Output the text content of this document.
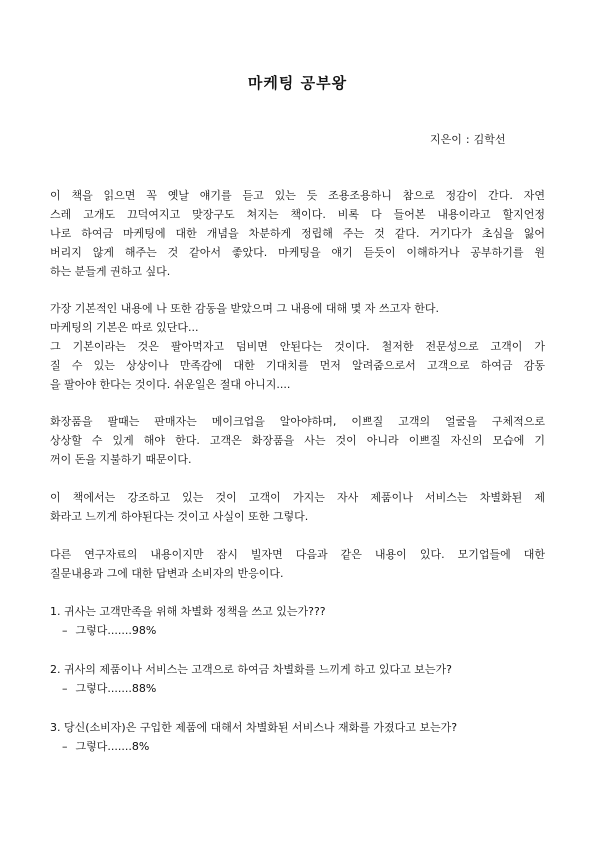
마케팅 공부왕
지은이 : 김학선
이 책을 읽으면 꼭 옛날 얘기를 듣고 있는 듯 조용조용하니 참으로 정감이 간다. 자연
스레 고개도 끄덕여지고 맞장구도 쳐지는 책이다. 비록 다 들어본 내용이라고 할지언정
나로 하여금 마케팅에 대한 개념을 차분하게 정립해 주는 것 같다. 거기다가 초심을 잃어
버리지 않게 해주는 것 같아서 좋았다. 마케팅을 얘기 듣듯이 이해하거나 공부하기를 원
하는 분들게 권하고 싶다.
가장 기본적인 내용에 나 또한 감동을 받았으며 그 내용에 대해 몇 자 쓰고자 한다.
마케팅의 기본은 따로 있단다...
그 기본이라는 것은 팔아먹자고 덤비면 안된다는 것이다. 철저한 전문성으로 고객이 가
질 수 있는 상상이나 만족감에 대한 기대치를 먼저 알려줌으로서 고객으로 하여금 감동
을 팔아야 한다는 것이다. 쉬운일은 절대 아니지....
화장품을 팔때는 판매자는 메이크업을 알아야하며, 이쁘질 고객의 얼굴을 구체적으로
상상할 수 있게 해야 한다. 고객은 화장품을 사는 것이 아니라 이쁘질 자신의 모습에 기
꺼이 돈을 지불하기 때문이다.
이 책에서는 강조하고 있는 것이 고객이 가지는 자사 제품이나 서비스는 차별화된 제
화라고 느끼게 하야된다는 것이고 사실이 또한 그렇다.
다른 연구자료의 내용이지만 잠시 빌자면 다음과 같은 내용이 있다. 모기업들에 대한
질문내용과 그에 대한 답변과 소비자의 반응이다.
1. 귀사는 고객만족을 위해 차별화 정책을 쓰고 있는가???
– 그렇다.......98%
2. 귀사의 제품이나 서비스는 고객으로 하여금 차별화를 느끼게 하고 있다고 보는가?
– 그렇다.......88%
3. 당신(소비자)은 구입한 제품에 대해서 차별화된 서비스나 재화를 가졌다고 보는가?
– 그렇다.......8%
